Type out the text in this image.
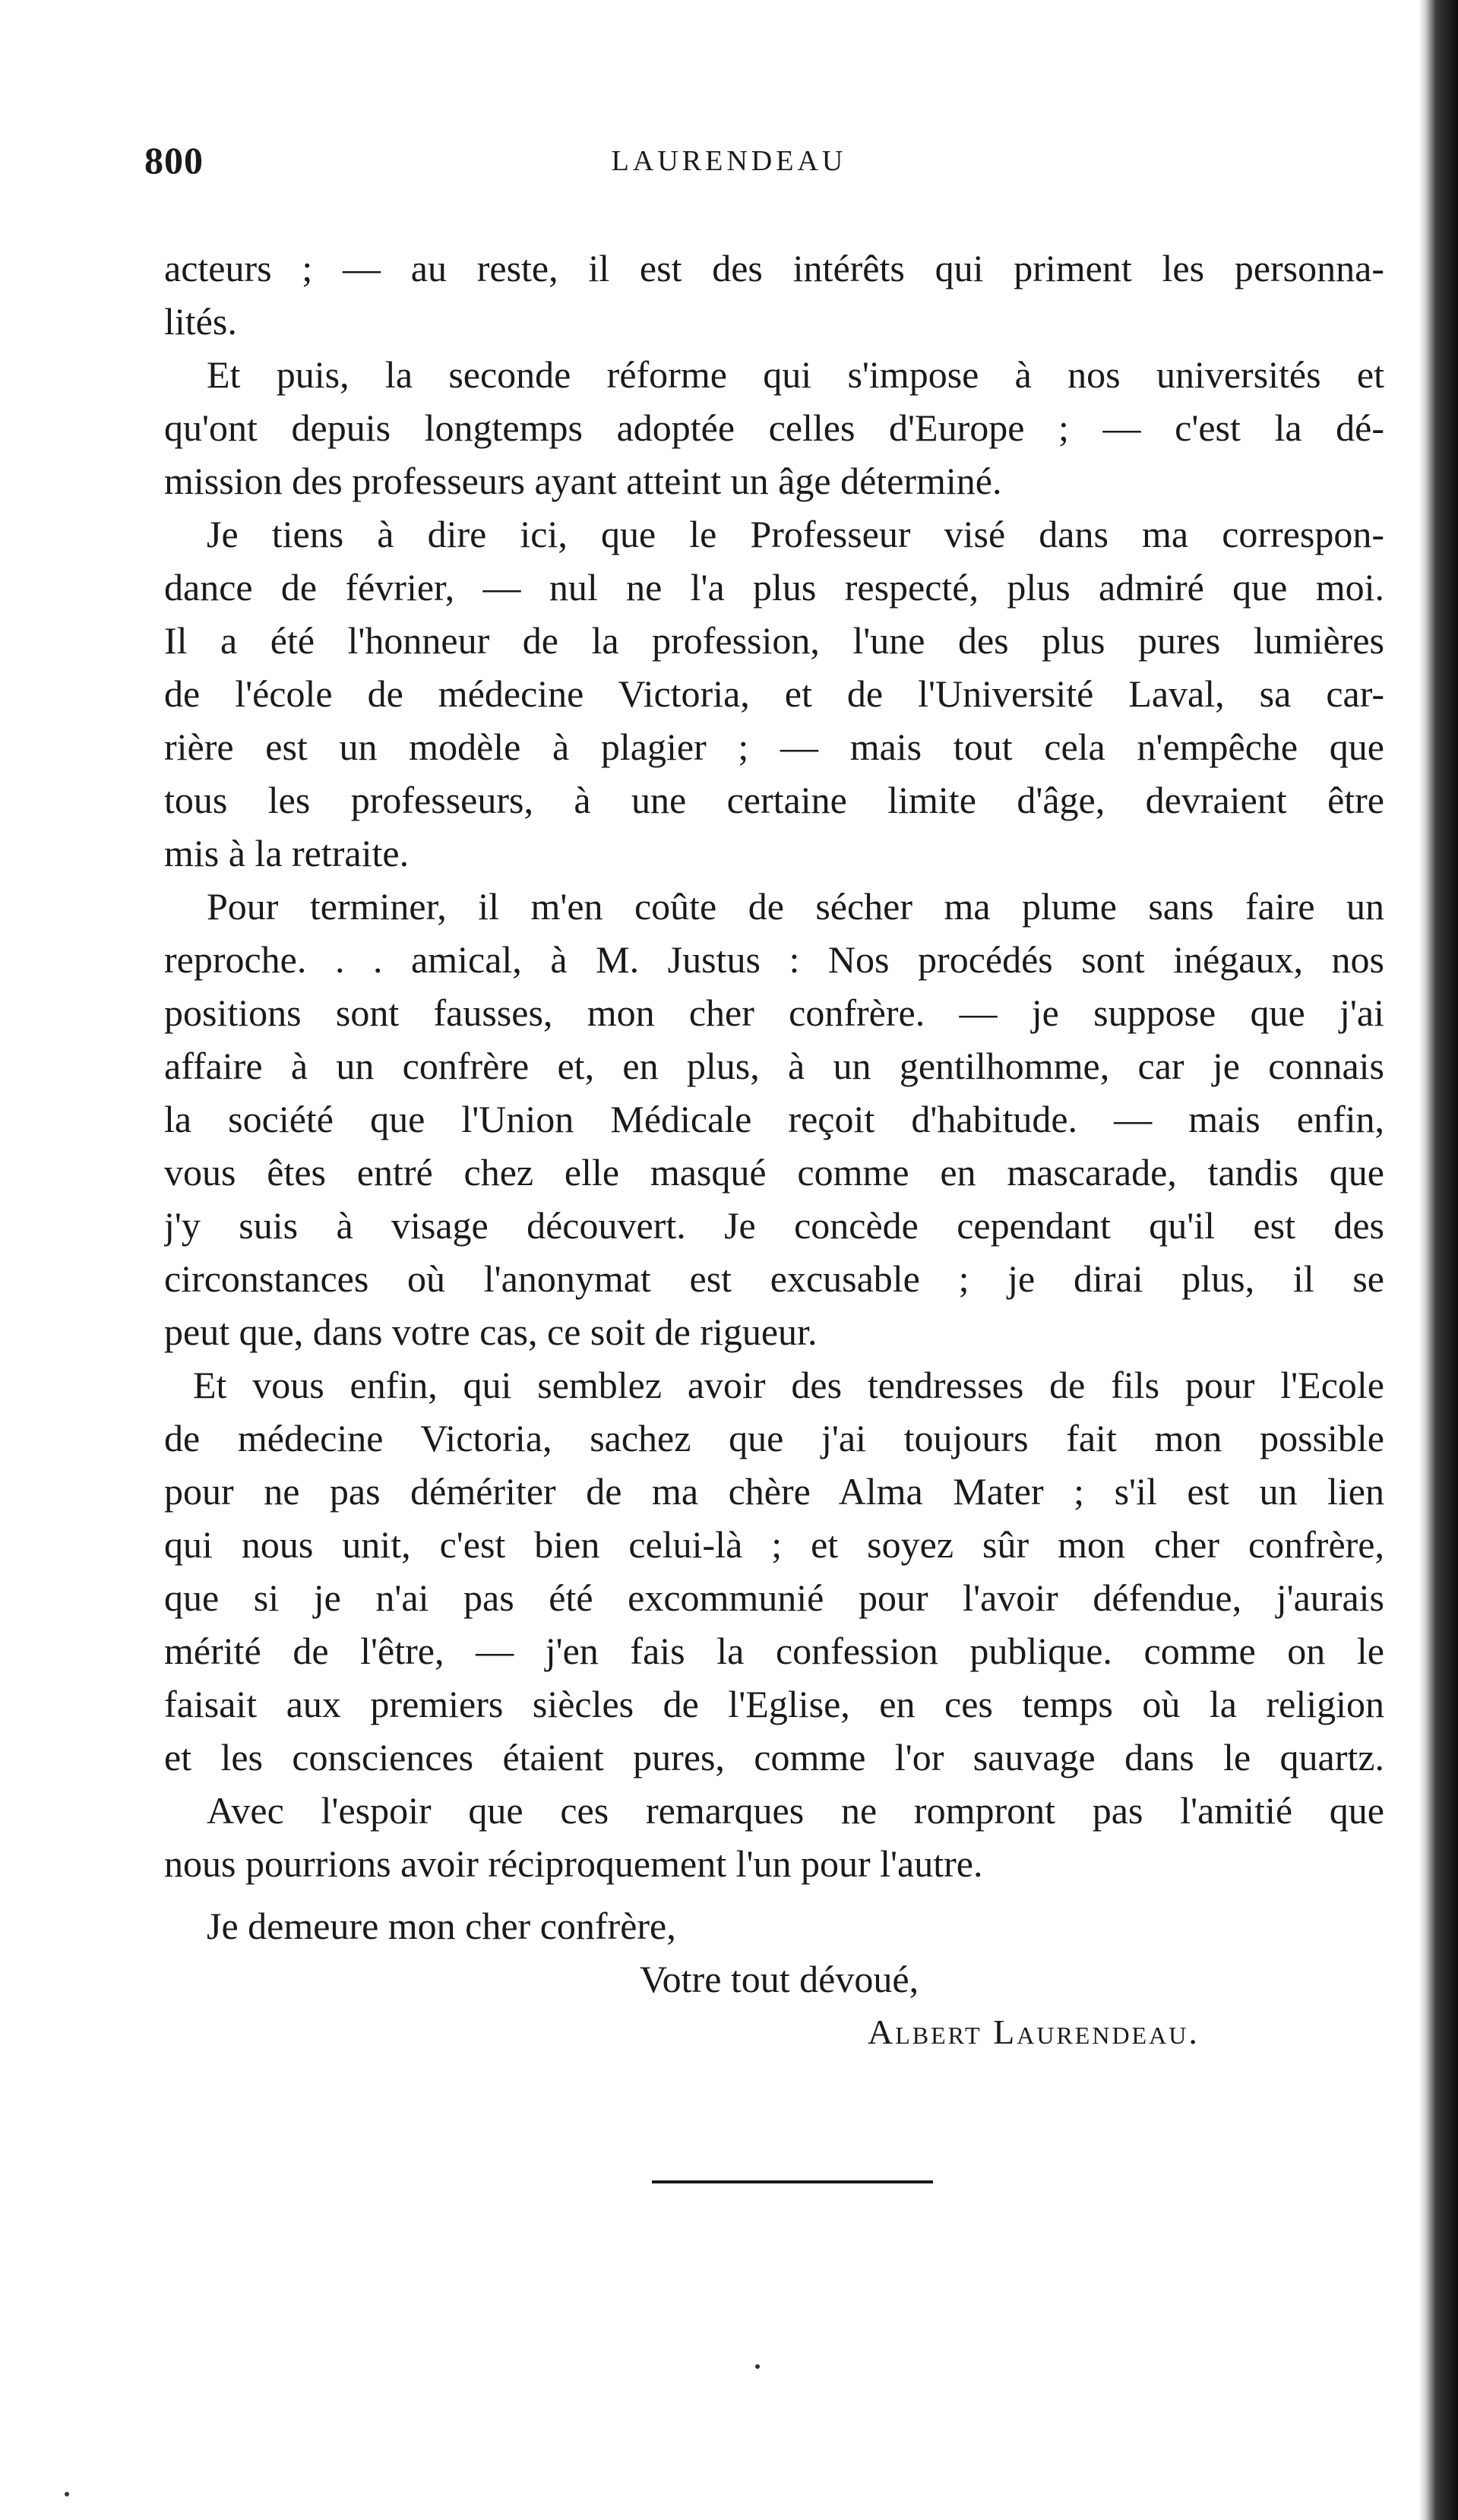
800	LAURENDEAU
acteurs ; — au reste, il est des intérêts qui priment les personna-
lités.
Et puis, la seconde réforme qui s'impose à nos universités et
qu'ont depuis longtemps adoptée celles d'Europe ; — c'est la dé-
mission des professeurs ayant atteint un âge déterminé.
Je tiens à dire ici, que le Professeur visé dans ma correspon-
dance de février, — nul ne l'a plus respecté, plus admiré que moi.
Il a été l'honneur de la profession, l'une des plus pures lumières
de l'école de médecine Victoria, et de l'Université Laval, sa car-
rière est un modèle à plagier ; — mais tout cela n'empêche que
tous les professeurs, à une certaine limite d'âge, devraient être
mis à la retraite.
Pour terminer, il m'en coûte de sécher ma plume sans faire un
reproche. . . amical, à M. Justus : Nos procédés sont inégaux, nos
positions sont fausses, mon cher confrère. — je suppose que j'ai
affaire à un confrère et, en plus, à un gentilhomme, car je connais
la société que l'Union Médicale reçoit d'habitude. — mais enfin,
vous êtes entré chez elle masqué comme en mascarade, tandis que
j'y suis à visage découvert. Je concède cependant qu'il est des
circonstances où l'anonymat est excusable ; je dirai plus, il se
peut que, dans votre cas, ce soit de rigueur.
Et vous enfin, qui semblez avoir des tendresses de fils pour l'Ecole
de médecine Victoria, sachez que j'ai toujours fait mon possible
pour ne pas démériter de ma chère Alma Mater ; s'il est un lien
qui nous unit, c'est bien celui-là ; et soyez sûr mon cher confrère,
que si je n'ai pas été excommunié pour l'avoir défendue, j'aurais
mérité de l'être, — j'en fais la confession publique. comme on le
faisait aux premiers siècles de l'Eglise, en ces temps où la religion
et les consciences étaient pures, comme l'or sauvage dans le quartz.
Avec l'espoir que ces remarques ne rompront pas l'amitié que
nous pourrions avoir réciproquement l'un pour l'autre.
Je demeure mon cher confrère,
Votre tout dévoué,
Albert Laurendeau.
